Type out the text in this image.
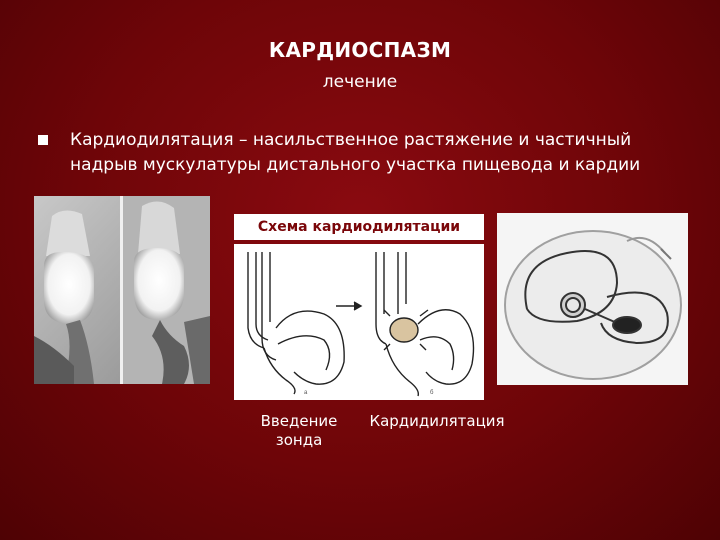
КАРДИОСПАЗМ
лечение
Кардиодилятация – насильственное растяжение и частичный надрыв мускулатуры дистального участка пищевода и кардии
Схема кардиодилятации
а	б
Введение зонда
Кардидилятация
